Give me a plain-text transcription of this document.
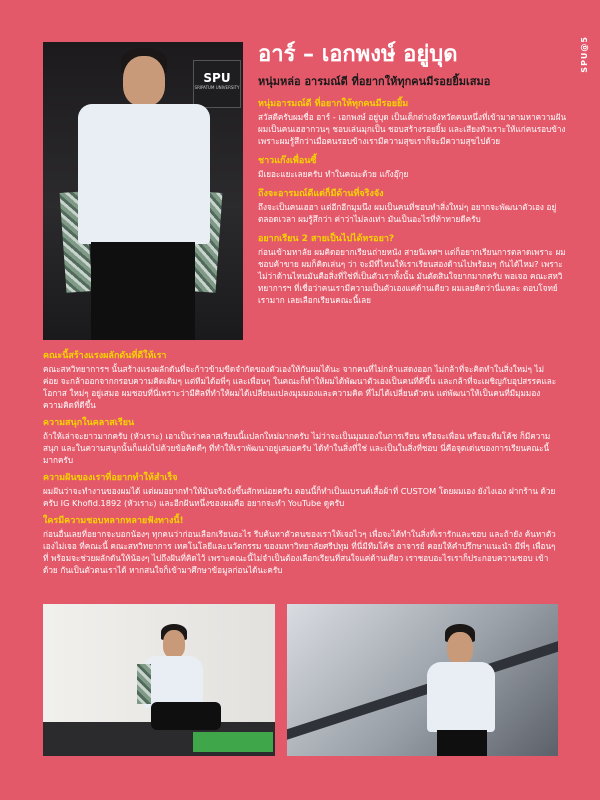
SPU@5
SPU
SRIPATUM UNIVERSITY

อาร์ – เอกพงษ์ อยู่บุด

หนุ่มหล่อ อารมณ์ดี ที่อยากให้ทุกคนมีรอยยิ้มเสมอ

หนุ่มอารมณ์ดี ที่อยากให้ทุกคนมีรอยยิ้ม

สวัสดีครับผมชื่อ อาร์ - เอกพงษ์ อยู่บุด เป็นเด็กต่างจังหวัดคนหนึ่งที่เข้ามาตามหาความฝัน ผมเป็นคนเฮฮากวนๆ ชอบเล่นมุกเป็น ชอบสร้างรอยยิ้ม และเสียงหัวเราะให้แก่คนรอบข้าง เพราะผมรู้สึกว่าเมื่อคนรอบข้างเรามีความสุขเราก็จะมีความสุขไปด้วย

ชาวแก๊งเพื่อนซี้

มีเยอะแยะเลยครับ ทำในคณะด้วย แก๊งอุ๊กุย

ถึงจะอารมณ์ดีแต่ก็มีด้านที่จริงจัง

ถึงจะเป็นคนเฮฮา แต่อีกอีกมุมนึง ผมเป็นคนที่ชอบทำสิ่งใหม่ๆ อยากจะพัฒนาตัวเอง อยู่ตลอดเวลา ผมรู้สึกว่า ค่าว่าไม่ลงเท่า มันเป็นอะไรที่ท้าทายดีครับ

อยากเรียน 2 สายเป็นไปได้หรอยา?

ก่อนเข้ามหาลัย ผมคิดอยากเรียนถ่ายหนัง สายนิเทศฯ แต่ก็อยากเรียนการตลาดเพราะ ผมชอบค้าขาย ผมก็คิดเล่นๆ ว่า จะมีที่ไหนให้เราเรียนสองด้านไปพร้อมๆ กันได้ไหม? เพราะไม่ว่าด้านไหนมันคือสิ่งที่ใช่ที่เป็นตัวเราทั้งนั้น มันตัดสินใจยากมากครับ พอเจอ คณะสหวิทยาการฯ ที่เชื่อว่าคนเรามีความเป็นตัวเองแค่ด้านเดียว ผมเลยคิดว่านี่แหละ ตอบโจทย์เรามาก เลยเลือกเรียนคณะนี้เลย

คณะนี้สร้างแรงผลักดันที่ดีให้เรา

คณะสหวิทยาการฯ นั้นสร้างแรงผลักดันที่จะก้าวข้ามขีดจำกัดของตัวเองให้กับผมได้นะ จากคนที่ไม่กล้าแสดงออก ไม่กล้าที่จะคิดทำในสิ่งใหม่ๆ ไม่ค่อย จะกล้าออกจากกรอบความคิดเดิมๆ แต่ทีมได้อพี่ๆ และเพื่อนๆ ในคณะก็ทำให้ผมได้พัฒนาตัวเองเป็นคนที่ดีขึ้น และกล้าที่จะเผชิญกับอุปสรรคและโอกาส ใหม่ๆ อยู่เสมอ ผมชอบที่นี่เพราะว่ามีศิลที่ทำให้ผมได้เปลี่ยนแปลงมุมมองและความคิด ที่ไม่ได้เปลี่ยนตัวตน แต่พัฒนาให้เป็นคนที่มีมุมมองความคิดที่ดีขึ้น

ความสนุกในคลาสเรียน

ถ้าให้เล่าจะยาวมากครับ (หัวเราะ) เอาเป็นว่าคลาสเรียนนี้แปลกใหม่มากครับ ไม่ว่าจะเป็นมุมมองในการเรียน หรือจะเพื่อน หรือจะทีมโค้ช ก็มีความสนุก และในความสนุกนั้นก็แฝงไปด้วยข้อคิดดีๆ ที่ทำให้เราพัฒนาอยู่เสมอครับ ได้ทำในสิ่งที่ใช่ และเป็นในสิ่งที่ชอบ นี่คือจุดเด่นของการเรียนคณะนี้มากครับ

ความฝันของเราที่อยากทำให้สำเร็จ

ผมฝันว่าจะทำงานของผมได้ แต่ผมอยากทำให้มันจริงจังขึ้นสักหน่อยครับ ตอนนี้ก็ทำเป็นแบรนด์เสื้อผ้าที่ CUSTOM โดยผมเอง ยังไงเอง ฝากร้าน ด้วยครับ IG Khofid.1892 (หัวเราะ) และอีกฝันหนึ่งของผมคือ อยากจะทำ YouTube ดูครับ

ใครมีความชอบหลากหลายฟังทางนี้!

ก่อนอื่นเลยที่อยากจะบอกน้องๆ ทุกคนว่าก่อนเลือกเรียนอะไร รีบค้นหาตัวตนของเราให้เจอไวๆ เพื่อจะได้ทำในสิ่งที่เรารักและชอบ และถ้ายัง ค้นหาตัว เองไม่เจอ ที่คณะนี้ คณะสหวิทยาการ เทคโนโลยีและนวัตกรรม ของมหาวิทยาลัยศรีปทุม ที่นี่มีทีมโค้ช อาจารย์ คอยให้คำปรึกษาแนะนำ มีพี่ๆ เพื่อนๆ ที่ พร้อมจะช่วยผลักดันให้น้องๆ ไปถึงฝันที่คิดไว้ เพราะคณะนี้ไม่จำเป็นต้องเลือกเรียนที่สนใจแค่ด้านเดียว เราชอบอะไรเราก็ประกอบความชอบ เข้าด้วย กันเป็นตัวตนเราได้ หากสนใจก็เข้ามาศึกษาข้อมูลก่อนได้นะครับ
